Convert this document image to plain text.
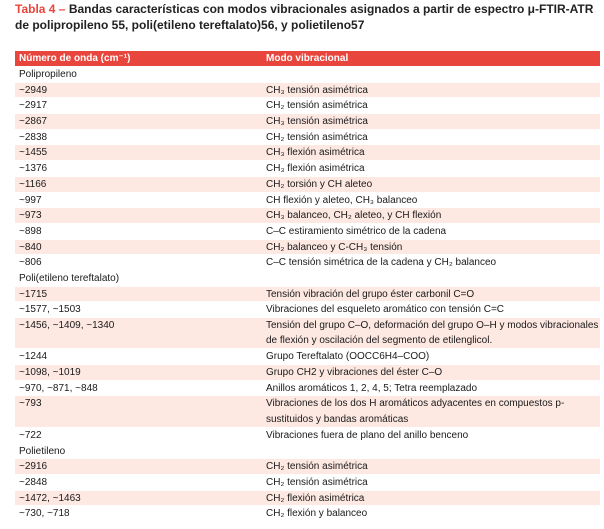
Tabla 4 – Bandas características con modos vibracionales asignados a partir de espectro μ-FTIR-ATR de polipropileno 55, poli(etileno tereftalato)56, y polietileno57
Número de onda (cm⁻¹)	Modo vibracional
Polipropileno
~2949	CH₃ tensión asimétrica
~2917	CH₂ tensión asimétrica
~2867	CH₃ tensión asimétrica
~2838	CH₂ tensión asimétrica
~1455	CH₃ flexión asimétrica
~1376	CH₃ flexión asimétrica
~1166	CH₂ torsión y CH aleteo
~997	CH flexión y aleteo, CH₃ balanceo
~973	CH₃ balanceo, CH₂ aleteo, y CH flexión
~898	C–C estiramiento simétrico de la cadena
~840	CH₂ balanceo y C-CH₃ tensión
~806	C–C tensión simétrica de la cadena y CH₂ balanceo
Poli(etileno tereftalato)
~1715	Tensión vibración del grupo éster carbonil C=O
~1577, ~1503	Vibraciones del esqueleto aromático con tensión C=C
~1456, ~1409, ~1340	Tensión del grupo C–O, deformación del grupo O–H y modos vibracionales de flexión y oscilación del segmento de etilenglicol.
~1244	Grupo Tereftalato (OOCC6H4–COO)
~1098, ~1019	Grupo CH2 y vibraciones del éster C–O
~970, ~871, ~848	Anillos aromáticos 1, 2, 4, 5; Tetra reemplazado
~793	Vibraciones de los dos H aromáticos adyacentes en compuestos p-sustituidos y bandas aromáticas
~722	Vibraciones fuera de plano del anillo benceno
Polietileno
~2916	CH₂ tensión asimétrica
~2848	CH₂ tensión asimétrica
~1472, ~1463	CH₂ flexión asimétrica
~730, ~718	CH₂ flexión y balanceo
